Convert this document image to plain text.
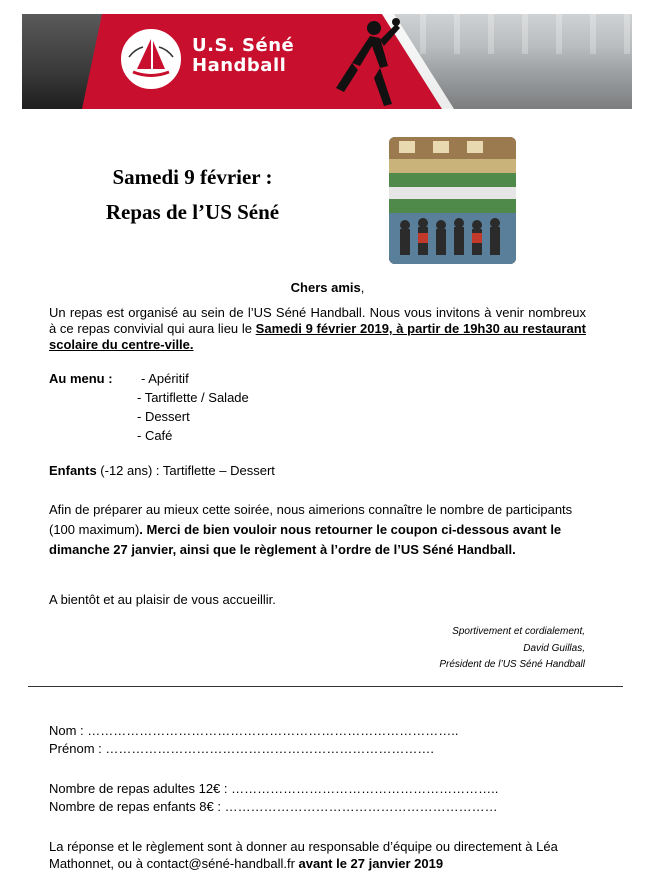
U.S. Séné
Handball
Samedi 9 février :
Repas de l’US Séné
Chers amis,
Un repas est organisé au sein de l’US Séné Handball. Nous vous invitons à venir nombreux à ce repas convivial qui aura lieu le Samedi 9 février 2019, à partir de 19h30 au restaurant scolaire du centre-ville.
Au menu : - Apéritif
- Tartiflette / Salade
- Dessert
- Café
Enfants (-12 ans) : Tartiflette – Dessert
Afin de préparer au mieux cette soirée, nous aimerions connaître le nombre de participants (100 maximum). Merci de bien vouloir nous retourner le coupon ci-dessous avant le dimanche 27 janvier, ainsi que le règlement à l’ordre de l’US Séné Handball.
A bientôt et au plaisir de vous accueillir.
Sportivement et cordialement,
David Guillas,
Président de l’US Séné Handball
Nom : …………………………………………………………………………..
Prénom : ………………………………………………………………….
Nombre de repas adultes 12€ : ……………………………………………………..
Nombre de repas enfants 8€ : ………………………………………………………
La réponse et le règlement sont à donner au responsable d’équipe ou directement à Léa Mathonnet, ou à contact@séné-handball.fr avant le 27 janvier 2019
